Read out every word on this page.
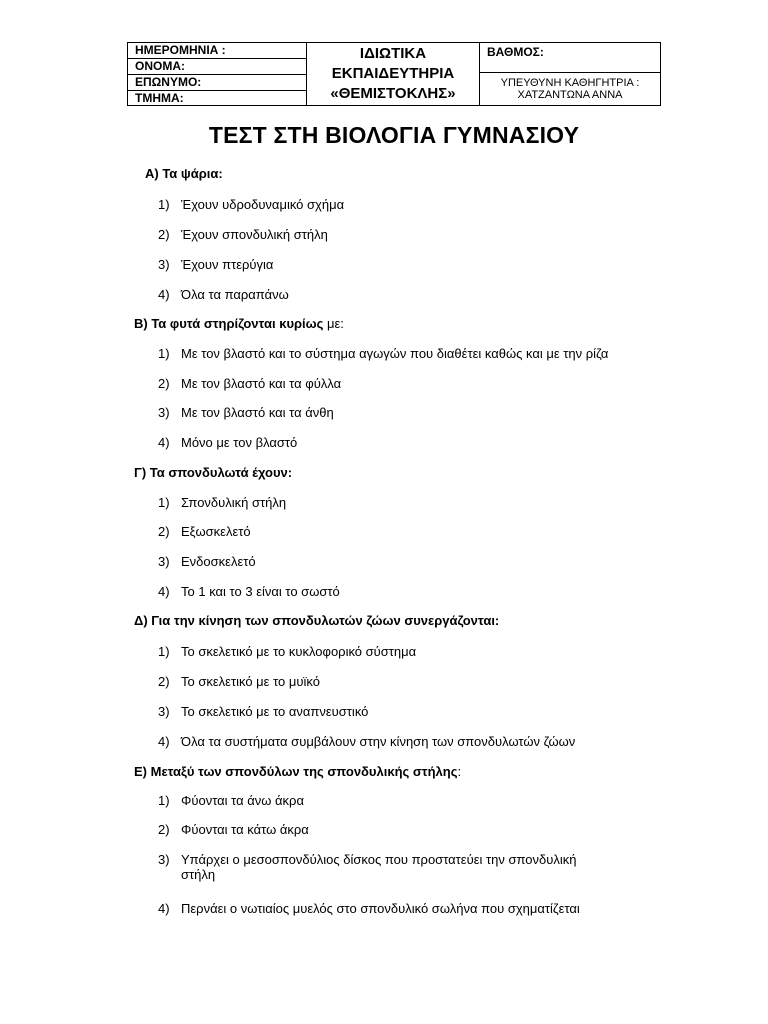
ΗΜΕΡΟΜΗΝΙΑ :
ΟΝΟΜΑ:
ΕΠΩΝΥΜΟ:
ΤΜΗΜΑ:
ΙΔΙΩΤΙΚΑ
ΕΚΠΑΙΔΕΥΤΗΡΙΑ
«ΘΕΜΙΣΤΟΚΛΗΣ»
ΒΑΘΜΟΣ:
ΥΠΕΥΘΥΝΗ ΚΑΘΗΓΗΤΡΙΑ :
ΧΑΤΖΑΝΤΩΝΑ ΑΝΝΑ
ΤΕΣΤ ΣΤΗ ΒΙΟΛΟΓΙΑ ΓΥΜΝΑΣΙΟΥ
Α) Τα ψάρια:
1) Έχουν υδροδυναμικό σχήμα
2) Έχουν σπονδυλική στήλη
3) Έχουν πτερύγια
4) Όλα τα παραπάνω
Β) Τα φυτά στηρίζονται κυρίως με:
1) Με τον βλαστό και το σύστημα αγωγών που διαθέτει καθώς και με την ρίζα
2) Με τον βλαστό και τα φύλλα
3) Με τον βλαστό και τα άνθη
4) Μόνο με τον βλαστό
Γ) Τα σπονδυλωτά έχουν:
1) Σπονδυλική στήλη
2) Εξωσκελετό
3) Ενδοσκελετό
4) Το 1 και το 3 είναι το σωστό
Δ) Για την κίνηση των σπονδυλωτών ζώων συνεργάζονται:
1) Το σκελετικό με το κυκλοφορικό σύστημα
2) Το σκελετικό με το μυϊκό
3) Το σκελετικό με το αναπνευστικό
4) Όλα τα συστήματα συμβάλουν στην κίνηση των σπονδυλωτών ζώων
Ε) Μεταξύ των σπονδύλων της σπονδυλικής στήλης:
1) Φύονται τα άνω άκρα
2) Φύονται τα κάτω άκρα
3) Υπάρχει ο μεσοσπονδύλιος δίσκος που προστατεύει την σπονδυλική
στήλη
4) Περνάει ο νωτιαίος μυελός στο σπονδυλικό σωλήνα που σχηματίζεται
